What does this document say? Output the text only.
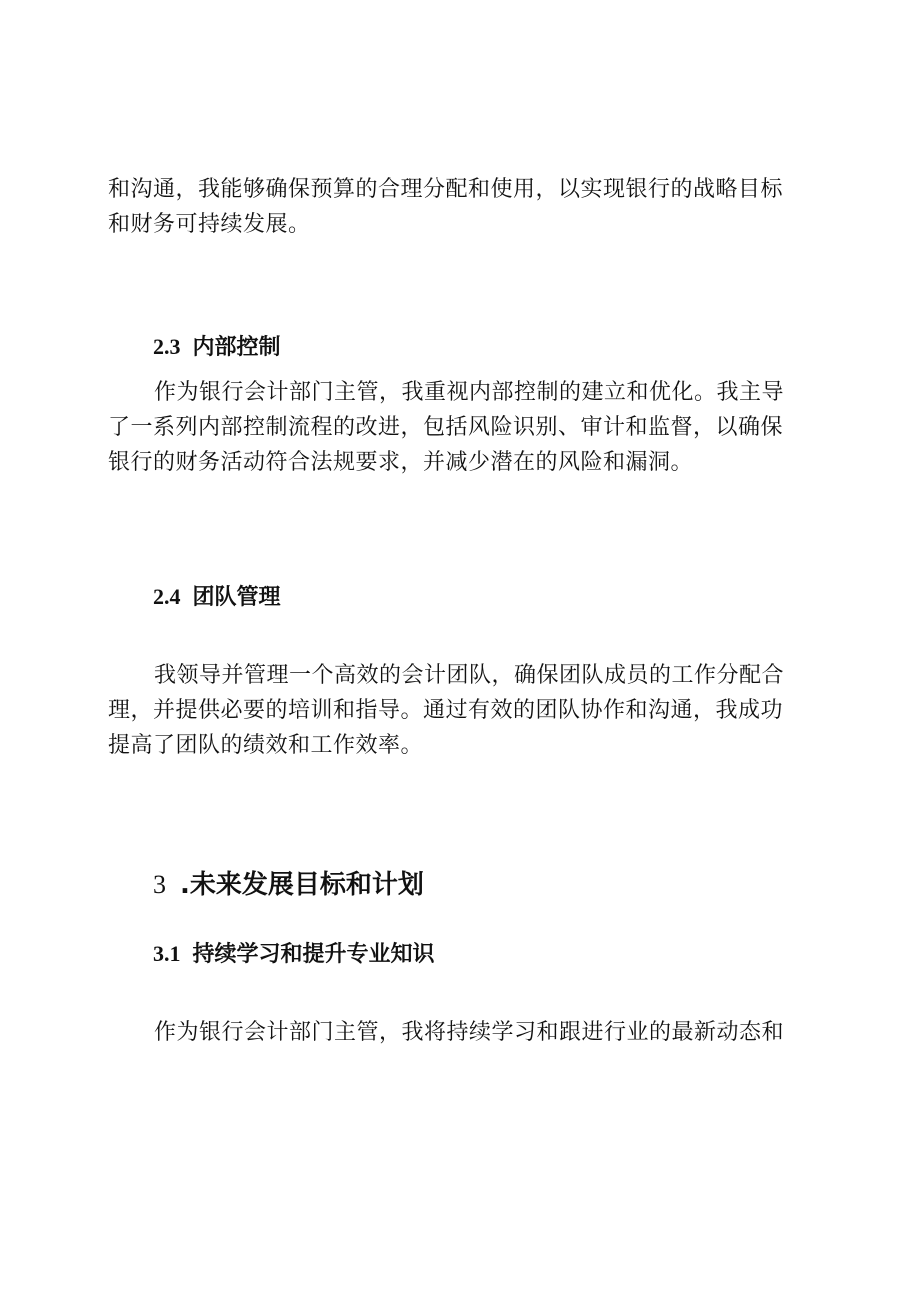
和沟通，我能够确保预算的合理分配和使用，以实现银行的战略目标
和财务可持续发展。

2.3 内部控制

作为银行会计部门主管，我重视内部控制的建立和优化。我主导
了一系列内部控制流程的改进，包括风险识别、审计和监督，以确保
银行的财务活动符合法规要求，并减少潜在的风险和漏洞。

2.4 团队管理

我领导并管理一个高效的会计团队，确保团队成员的工作分配合
理，并提供必要的培训和指导。通过有效的团队协作和沟通，我成功
提高了团队的绩效和工作效率。

3 .未来发展目标和计划
3.1 持续学习和提升专业知识

作为银行会计部门主管，我将持续学习和跟进行业的最新动态和
